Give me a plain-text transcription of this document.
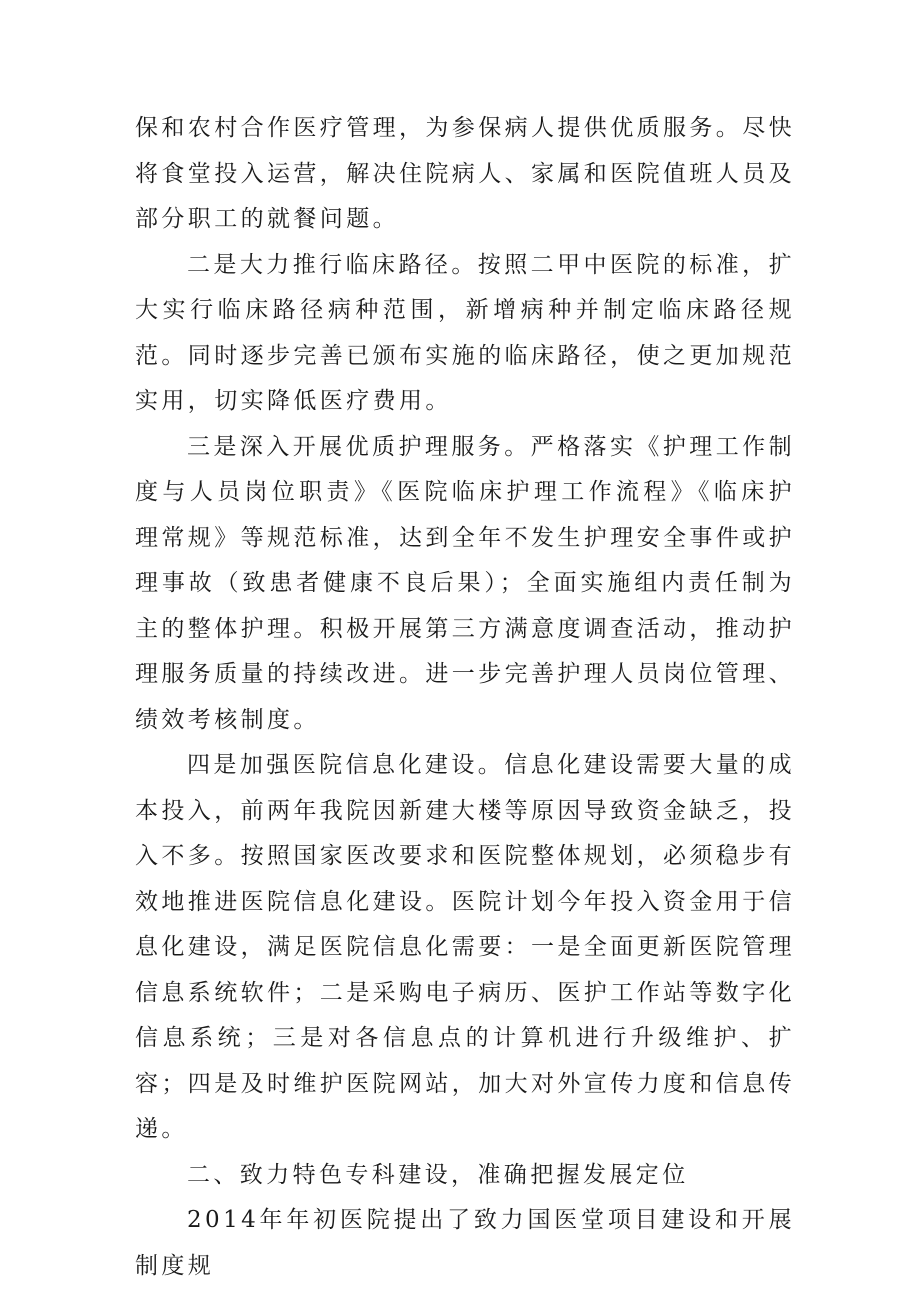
保和农村合作医疗管理，为参保病人提供优质服务。尽快将食堂投入运营，解决住院病人、家属和医院值班人员及部分职工的就餐问题。

二是大力推行临床路径。按照二甲中医院的标准，扩大实行临床路径病种范围，新增病种并制定临床路径规范。同时逐步完善已颁布实施的临床路径，使之更加规范实用，切实降低医疗费用。

三是深入开展优质护理服务。严格落实《护理工作制度与人员岗位职责》《医院临床护理工作流程》《临床护理常规》等规范标准，达到全年不发生护理安全事件或护理事故（致患者健康不良后果）；全面实施组内责任制为主的整体护理。积极开展第三方满意度调查活动，推动护理服务质量的持续改进。进一步完善护理人员岗位管理、绩效考核制度。

四是加强医院信息化建设。信息化建设需要大量的成本投入，前两年我院因新建大楼等原因导致资金缺乏，投入不多。按照国家医改要求和医院整体规划，必须稳步有效地推进医院信息化建设。医院计划今年投入资金用于信息化建设，满足医院信息化需要：一是全面更新医院管理信息系统软件；二是采购电子病历、医护工作站等数字化信息系统；三是对各信息点的计算机进行升级维护、扩容；四是及时维护医院网站，加大对外宣传力度和信息传递。

二、致力特色专科建设，准确把握发展定位

2014年年初医院提出了致力国医堂项目建设和开展制度规
